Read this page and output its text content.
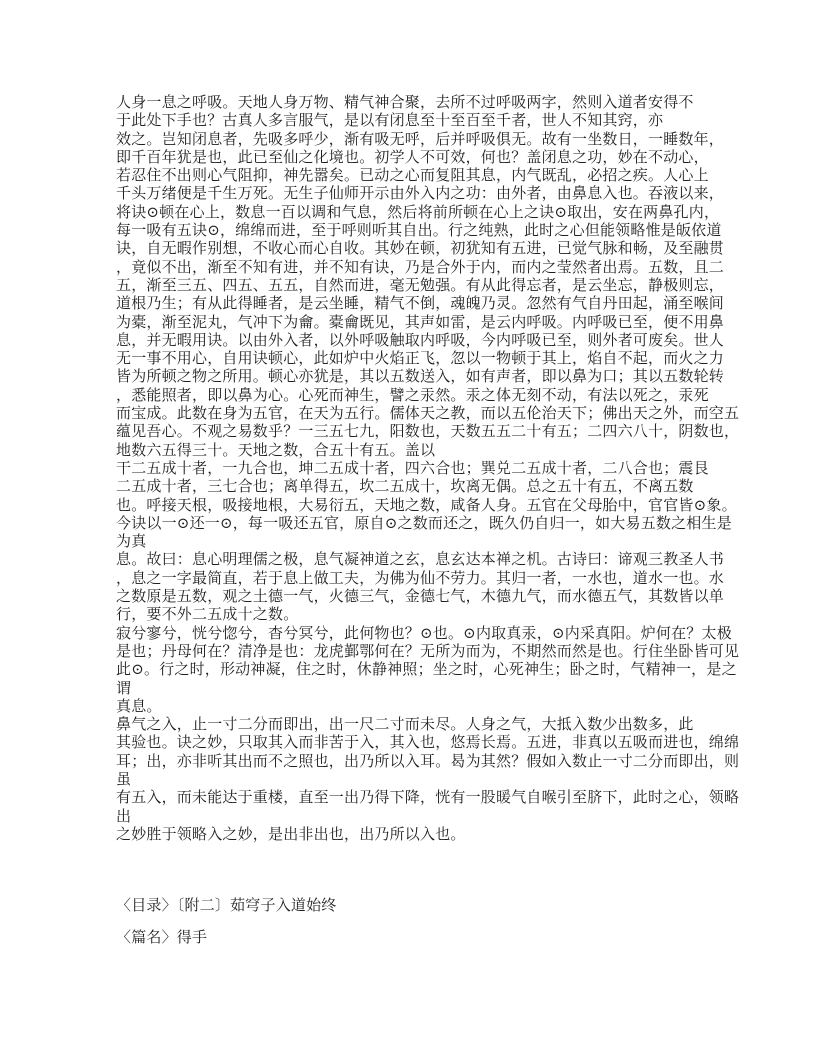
人身一息之呼吸。天地人身万物、精气神合聚，去所不过呼吸两字，然则入道者安得不
于此处下手也？古真人多言服气，是以有闭息至十至百至千者，世人不知其窍，亦
效之。岂知闭息者，先吸多呼少，渐有吸无呼，后并呼吸俱无。故有一坐数日，一睡数年，
即千百年犹是也，此已至仙之化境也。初学人不可效，何也？盖闭息之功，妙在不动心，
若忍住不出则心气阻抑，神先嚣矣。已动之心而复阻其息，内气既乱，必招之疾。人心上
千头万绪便是千生万死。无生子仙师开示由外入内之功：由外者，由鼻息入也。吞液以来，
将诀⊙顿在心上，数息一百以调和气息，然后将前所顿在心上之诀⊙取出，安在两鼻孔内，
每一吸有五诀⊙，绵绵而进，至于呼则听其自出。行之纯熟，此时之心但能领略惟是皈依道
诀，自无暇作别想，不收心而心自收。其妙在顿，初犹知有五进，已觉气脉和畅，及至融贯
，竟似不出，渐至不知有进，并不知有诀，乃是合外于内，而内之莹然者出焉。五数，且二
五，渐至三五、四五、五五，自然而进，毫无勉强。有从此得忘者，是云坐忘，静极则忘，
道根乃生；有从此得睡者，是云坐睡，精气不倒，魂魄乃灵。忽然有气自丹田起，涌至喉间
为橐，渐至泥丸，气冲下为龠。橐龠既见，其声如雷，是云内呼吸。内呼吸已至，便不用鼻
息，并无暇用诀。以由外入者，以外呼吸触取内呼吸，今内呼吸已至，则外者可废矣。世人
无一事不用心，自用诀顿心，此如炉中火焰正飞，忽以一物顿于其上，焰自不起，而火之力
皆为所顿之物之所用。顿心亦犹是，其以五数送入，如有声者，即以鼻为口；其以五数轮转
，悉能照者，即以鼻为心。心死而神生，譬之汞然。汞之体无刻不动，有法以死之，汞死
而宝成。此数在身为五官，在天为五行。儒体天之教，而以五伦治天下；佛出天之外，而空五
蕴见吾心。不观之易数乎？一三五七九，阳数也，天数五五二十有五；二四六八十，阴数也，
地数六五得三十。天地之数，合五十有五。盖以
干二五成十者，一九合也，坤二五成十者，四六合也；巽兑二五成十者，二八合也；震艮
二五成十者，三七合也；离单得五，坎二五成十，坎离无偶。总之五十有五，不离五数
也。呼接天根，吸接地根，大易衍五，天地之数，咸备人身。五官在父母胎中，官官皆⊙象。
今诀以一⊙还一⊙，每一吸还五官，原自⊙之数而还之，既久仍自归一，如大易五数之相生是
为真
息。故曰：息心明理儒之极，息气凝神道之玄，息玄达本禅之机。古诗曰：谛观三教圣人书
，息之一字最简直，若于息上做工夫，为佛为仙不劳力。其归一者，一水也，道水一也。水
之数原是五数，观之土德一气，火德三气，金德七气，木德九气，而水德五气，其数皆以单
行，要不外二五成十之数。
寂兮寥兮，恍兮惚兮，杳兮冥兮，此何物也？⊙也。⊙内取真汞，⊙内采真阳。炉何在？太极
是也；丹母何在？清净是也：龙虎鄞鄂何在？无所为而为，不期然而然是也。行住坐卧皆可见
此⊙。行之时，形动神凝，住之时，休静神照；坐之时，心死神生；卧之时，气精神一，是之
谓
真息。
鼻气之入，止一寸二分而即出，出一尺二寸而未尽。人身之气，大抵入数少出数多，此
其验也。诀之妙，只取其入而非苦于入，其入也，悠焉长焉。五进，非真以五吸而进也，绵绵
耳；出，亦非听其出而不之照也，出乃所以入耳。曷为其然？假如入数止一寸二分而即出，则
虽
有五入，而未能达于重楼，直至一出乃得下降，恍有一股暖气自喉引至脐下，此时之心，领略
出
之妙胜于领略入之妙，是出非出也，出乃所以入也。
〈目录〉〔附二〕茹穹子入道始终
〈篇名〉得手
